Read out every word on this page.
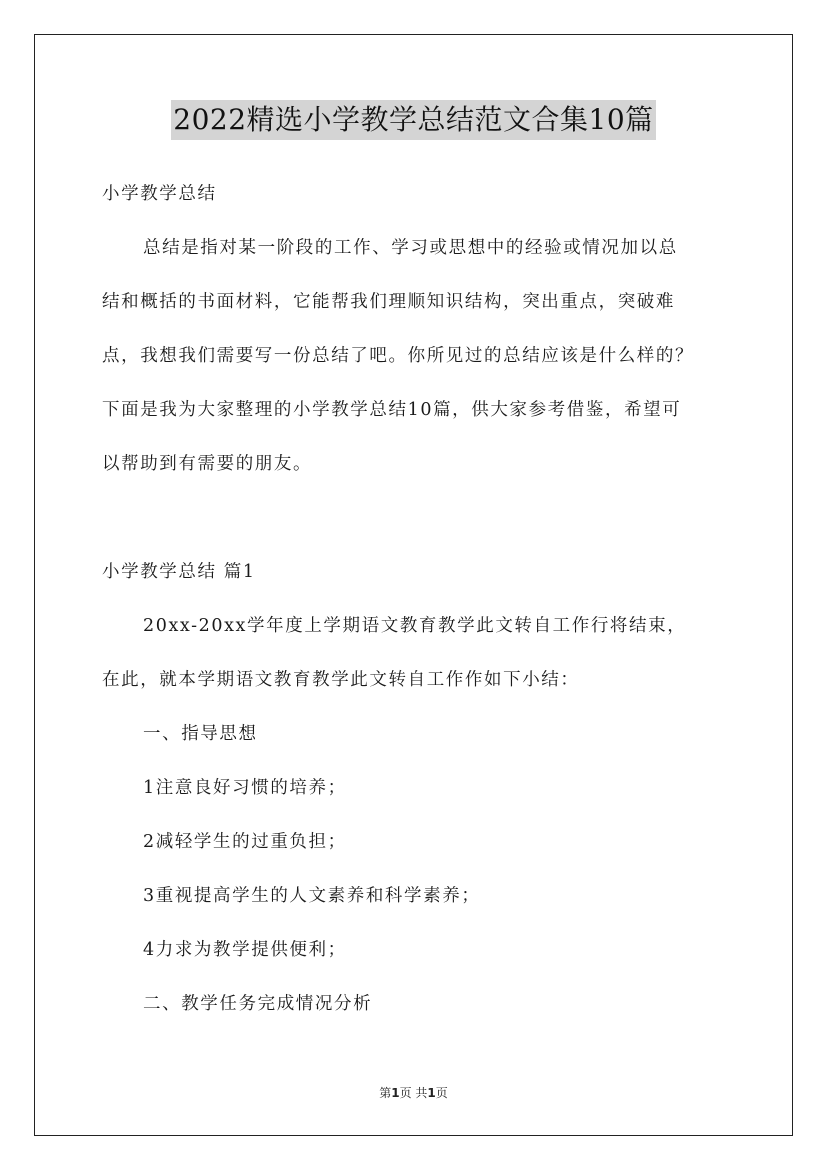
2022精选小学教学总结范文合集10篇
小学教学总结
总结是指对某一阶段的工作、学习或思想中的经验或情况加以总
结和概括的书面材料，它能帮我们理顺知识结构，突出重点，突破难
点，我想我们需要写一份总结了吧。你所见过的总结应该是什么样的？
下面是我为大家整理的小学教学总结10篇，供大家参考借鉴，希望可
以帮助到有需要的朋友。
小学教学总结 篇1
20xx-20xx学年度上学期语文教育教学此文转自工作行将结束，
在此，就本学期语文教育教学此文转自工作作如下小结：
一、指导思想
1注意良好习惯的培养；
2减轻学生的过重负担；
3重视提高学生的人文素养和科学素养；
4力求为教学提供便利；
二、教学任务完成情况分析
第1页 共1页
